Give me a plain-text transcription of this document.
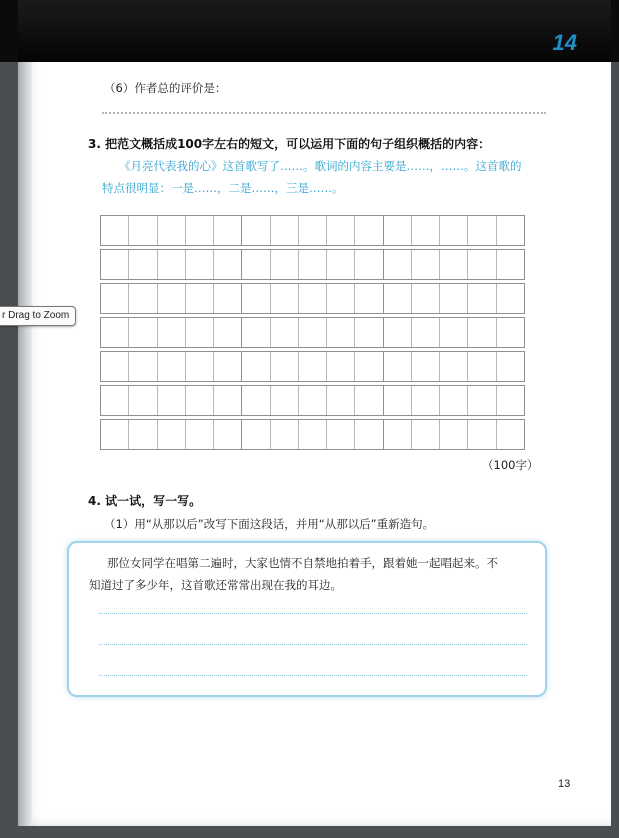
14
（6）作者总的评价是：
3. 把范文概括成100字左右的短文，可以运用下面的句子组织概括的内容：
《月亮代表我的心》这首歌写了……。歌词的内容主要是……，……。这首歌的
特点很明显：一是……，二是……，三是……。
（100字）
4. 试一试，写一写。
（1）用“从那以后”改写下面这段话，并用“从那以后”重新造句。
那位女同学在唱第二遍时，大家也情不自禁地拍着手，跟着她一起唱起来。不
知道过了多少年，这首歌还常常出现在我的耳边。
13
r Drag to Zoom
